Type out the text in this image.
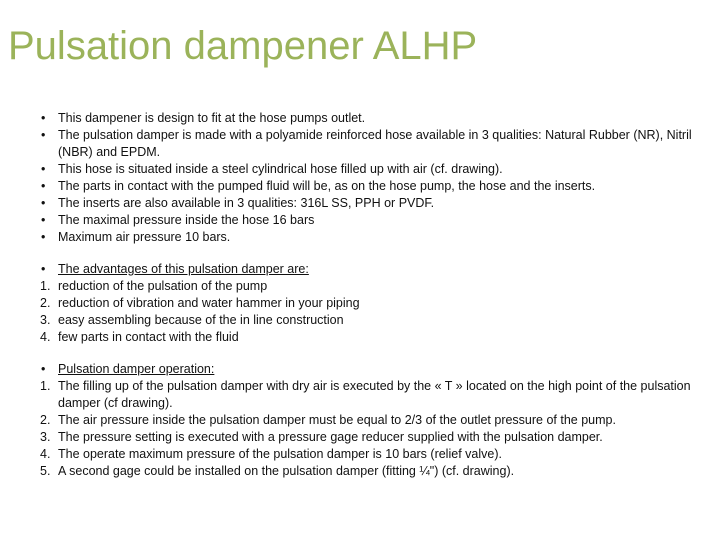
Pulsation dampener ALHP
•	This dampener is design to fit at the hose pumps outlet.
•	The pulsation damper is made with a polyamide reinforced hose available in 3 qualities: Natural Rubber (NR), Nitril (NBR) and EPDM.
•	This hose is situated inside a steel cylindrical hose filled up with air (cf. drawing).
•	The parts in contact with the pumped fluid will be, as on the hose pump, the hose and the inserts.
•	The inserts are also available in 3 qualities: 316L SS, PPH or PVDF.
•	The maximal pressure inside the hose 16 bars
•	Maximum air pressure 10 bars.
•	The advantages of this pulsation damper are:
1. reduction of the pulsation of the pump
2. reduction of vibration and water hammer in your piping
3. easy assembling because of the in line construction
4. few parts in contact with the fluid
•	Pulsation damper operation:
1. The filling up of the pulsation damper with dry air is executed by the « T » located on the high point of the pulsation damper (cf drawing).
2. The air pressure inside the pulsation damper must be equal to 2/3 of the outlet pressure of the pump.
3. The pressure setting is executed with a pressure gage reducer supplied with the pulsation damper.
4. The operate maximum pressure of the pulsation damper is 10 bars (relief valve).
5. A second gage could be installed on the pulsation damper (fitting ¼") (cf. drawing).
